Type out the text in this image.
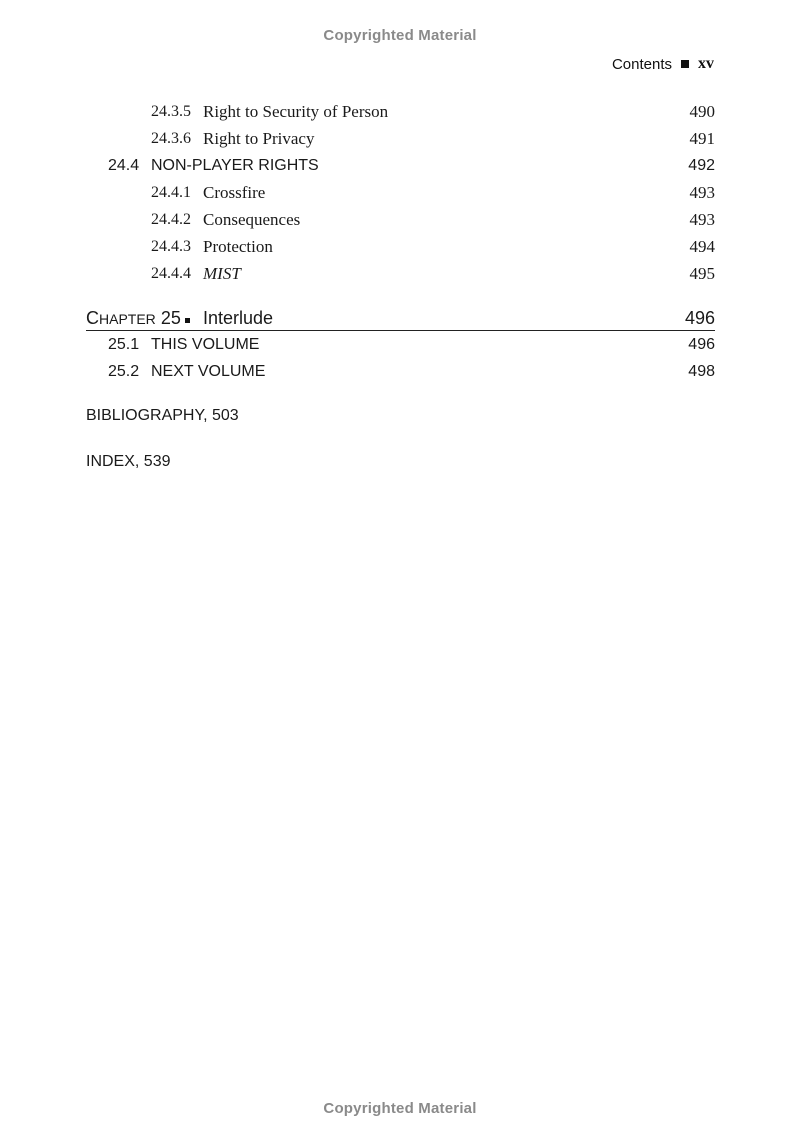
Copyrighted Material
Contents xv
24.3.5 Right to Security of Person	490
24.3.6 Right to Privacy	491
24.4 NON-PLAYER RIGHTS	492
24.4.1 Crossfire	493
24.4.2 Consequences	493
24.4.3 Protection	494
24.4.4 MIST	495
CHAPTER 25 Interlude	496
25.1 THIS VOLUME	496
25.2 NEXT VOLUME	498
BIBLIOGRAPHY, 503
INDEX, 539
Copyrighted Material
